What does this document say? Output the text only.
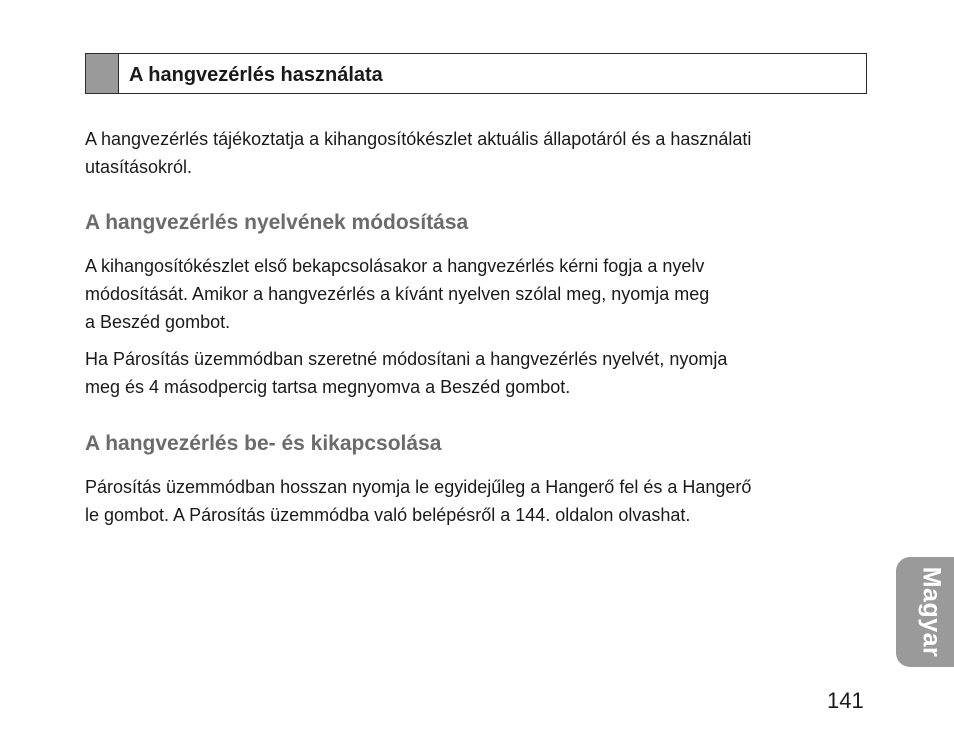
A hangvezérlés használata

A hangvezérlés tájékoztatja a kihangosítókészlet aktuális állapotáról és a használati
utasításokról.

A hangvezérlés nyelvének módosítása

A kihangosítókészlet első bekapcsolásakor a hangvezérlés kérni fogja a nyelv
módosítását. Amikor a hangvezérlés a kívánt nyelven szólal meg, nyomja meg
a Beszéd gombot.

Ha Párosítás üzemmódban szeretné módosítani a hangvezérlés nyelvét, nyomja
meg és 4 másodpercig tartsa megnyomva a Beszéd gombot.

A hangvezérlés be- és kikapcsolása

Párosítás üzemmódban hosszan nyomja le egyidejűleg a Hangerő fel és a Hangerő
le gombot. A Párosítás üzemmódba való belépésről a 144. oldalon olvashat.

Magyar
141
